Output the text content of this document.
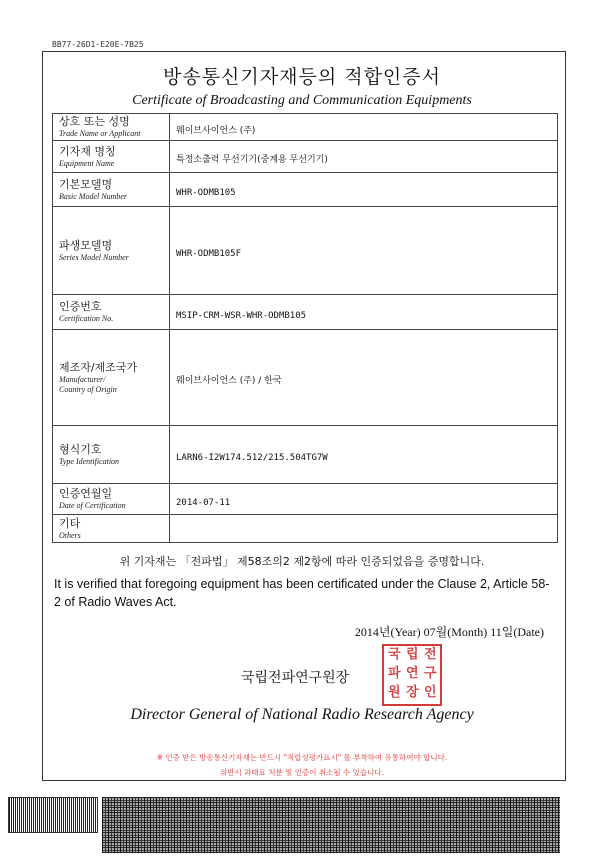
BB77-26D1-E20E-7B25
방송통신기자재등의 적합인증서
Certificate of Broadcasting and Communication Equipments
상호 또는 성명
Trade Name or Applicant	웨이브사이언스 (주)

기자재 명칭
Equipment Name	특정소출력 무선기기(중계용 무선기기)

기본모델명
Basic Model Number	WHR-ODMB105

파생모델명
Series Model Number	WHR-ODMB105F

인증번호
Certification No.	MSIP-CRM-WSR-WHR-ODMB105

제조자/제조국가
Manufacturer/
Country of Origin	웨이브사이언스 (주) / 한국

형식기호
Type Identification	LARN6-I2W174.512/215.504TG7W

인증연월일
Date of Certification	2014-07-11

기타
Others	

위 기자재는 「전파법」 제58조의2 제2항에 따라 인증되었음을 증명합니다.
It is verified that foregoing equipment has been certificated under the Clause 2, Article 58-2 of Radio Waves Act.
2014년(Year) 07월(Month) 11일(Date)
국립전파연구원장
국 립 전
파 연 구
원 장 인
Director General of National Radio Research Agency
※ 인증 받은 방송통신기자재는 반드시 "적합성평가표시" 를 부착하여 유통하여야 합니다.
위반시 과태료 처분 및 인증이 취소될 수 있습니다.
